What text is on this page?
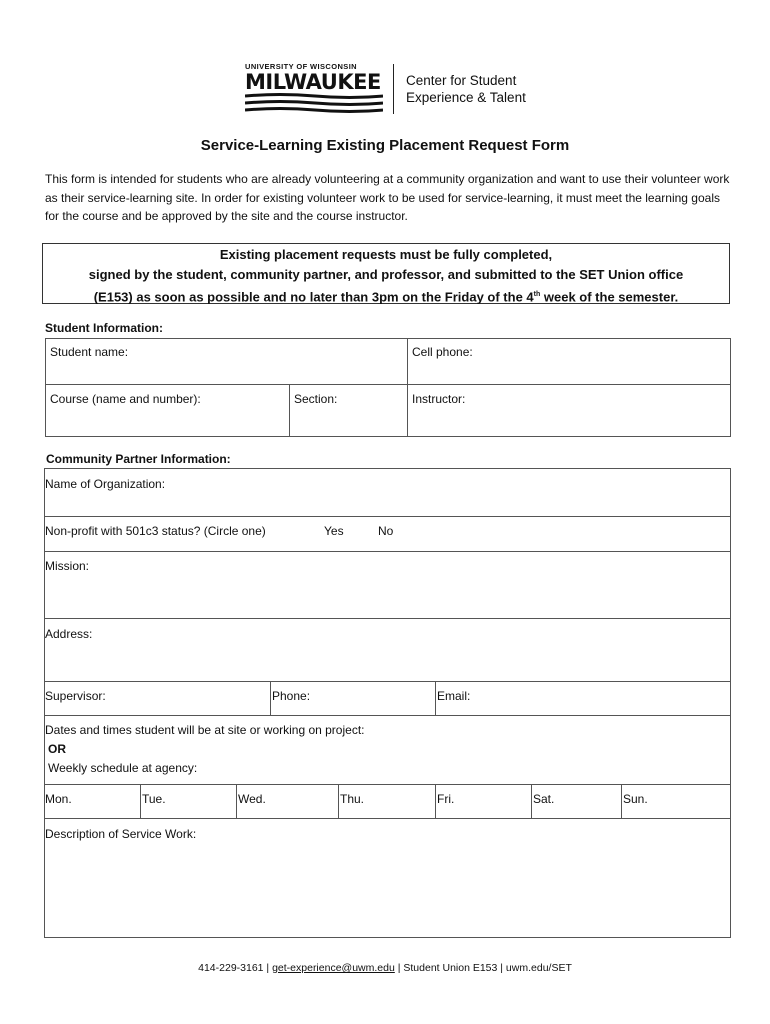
UNIVERSITY OF WISCONSIN
MILWAUKEE Center for Student
Experience & Talent
Service-Learning Existing Placement Request Form
This form is intended for students who are already volunteering at a community organization and want to use their volunteer work as their service-learning site. In order for existing volunteer work to be used for service-learning, it must meet the learning goals for the course and be approved by the site and the course instructor.
Existing placement requests must be fully completed,
signed by the student, community partner, and professor, and submitted to the SET Union office
(E153) as soon as possible and no later than 3pm on the Friday of the 4th week of the semester.
Student Information:
Student name:	Cell phone:
Course (name and number):	Section:	Instructor:
Community Partner Information:
Name of Organization:
Non-profit with 501c3 status? (Circle one)	Yes	No
Mission:
Address:
Supervisor:	Phone:	Email:
Dates and times student will be at site or working on project:
OR
Weekly schedule at agency:
Mon.	Tue.	Wed.	Thu.	Fri.	Sat.	Sun.
Description of Service Work:
414-229-3161 | get-experience@uwm.edu | Student Union E153 | uwm.edu/SET
